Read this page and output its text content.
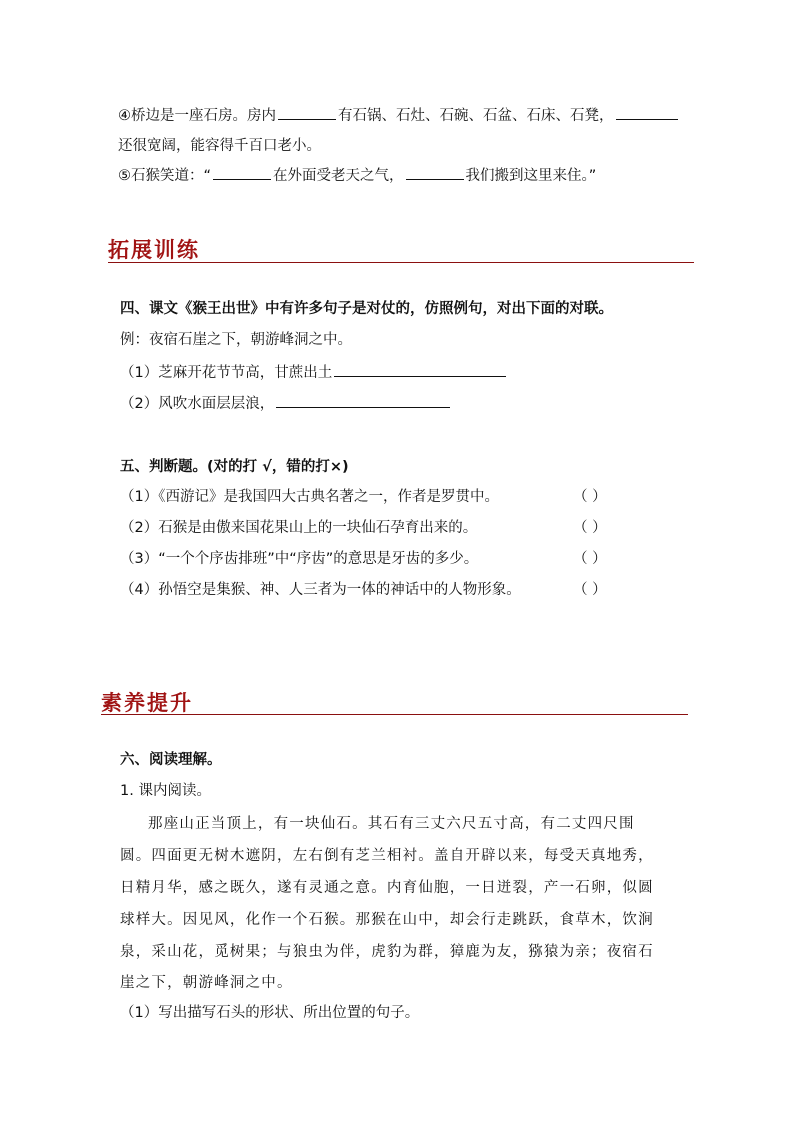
④桥边是一座石房。房内	有石锅、石灶、石碗、石盆、石床、石凳，
还很宽阔，能容得千百口老小。
⑤石猴笑道：“	在外面受老天之气，	我们搬到这里来住。”
拓展训练
四、课文《猴王出世》中有许多句子是对仗的，仿照例句，对出下面的对联。
例：夜宿石崖之下，朝游峰洞之中。
（1）芝麻开花节节高，甘蔗出土
（2）风吹水面层层浪，
五、判断题。(对的打 √，错的打×)
（1）《西游记》是我国四大古典名著之一，作者是罗贯中。	（ ）
（2）石猴是由傲来国花果山上的一块仙石孕育出来的。	（ ）
（3）“一个个序齿排班”中“序齿”的意思是牙齿的多少。	（ ）
（4）孙悟空是集猴、神、人三者为一体的神话中的人物形象。	（ ）
素养提升
六、阅读理解。
1. 课内阅读。
那座山正当顶上，有一块仙石。其石有三丈六尺五寸高，有二丈四尺围
圆。四面更无树木遮阴，左右倒有芝兰相衬。盖自开辟以来，每受天真地秀，
日精月华，感之既久，遂有灵通之意。内育仙胞，一日迸裂，产一石卵，似圆
球样大。因见风，化作一个石猴。那猴在山中，却会行走跳跃，食草木，饮涧
泉，采山花，觅树果；与狼虫为伴，虎豹为群，獐鹿为友，猕猿为亲；夜宿石
崖之下，朝游峰洞之中。
（1）写出描写石头的形状、所出位置的句子。
